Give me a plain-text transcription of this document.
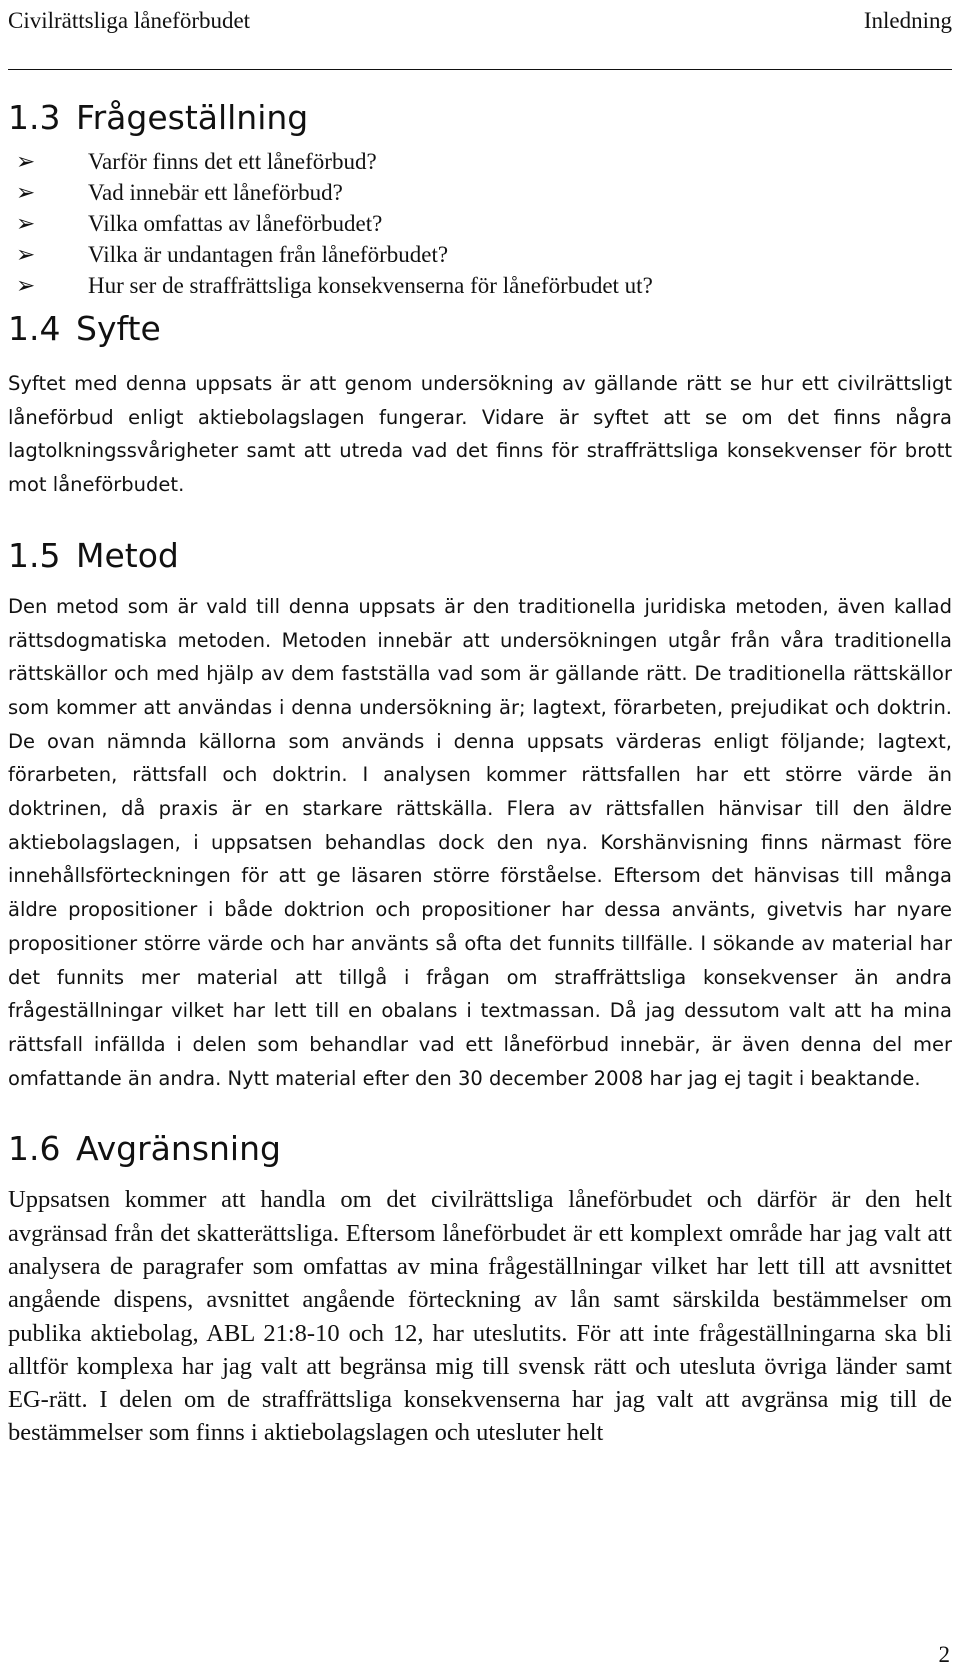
Civilrättsliga låneförbudet	Inledning
1.3 Frågeställning
➢	Varför finns det ett låneförbud?
➢	Vad innebär ett låneförbud?
➢	Vilka omfattas av låneförbudet?
➢	Vilka är undantagen från låneförbudet?
➢	Hur ser de straffrättsliga konsekvenserna för låneförbudet ut?
1.4 Syfte

Syftet med denna uppsats är att genom undersökning av gällande rätt se hur ett civilrättsligt låneförbud enligt aktiebolagslagen fungerar. Vidare är syftet att se om det finns några lagtolkningssvårigheter samt att utreda vad det finns för straffrättsliga konsekvenser för brott mot låneförbudet.

1.5 Metod

Den metod som är vald till denna uppsats är den traditionella juridiska metoden, även kallad rättsdogmatiska metoden. Metoden innebär att undersökningen utgår från våra traditionella rättskällor och med hjälp av dem fastställa vad som är gällande rätt. De traditionella rättskällor som kommer att användas i denna undersökning är; lagtext, förarbeten, prejudikat och doktrin. De ovan nämnda källorna som används i denna uppsats värderas enligt följande; lagtext, förarbeten, rättsfall och doktrin. I analysen kommer rättsfallen har ett större värde än doktrinen, då praxis är en starkare rättskälla. Flera av rättsfallen hänvisar till den äldre aktiebolagslagen, i uppsatsen behandlas dock den nya. Korshänvisning finns närmast före innehållsförteckningen för att ge läsaren större förståelse. Eftersom det hänvisas till många äldre propositioner i både doktrion och propositioner har dessa använts, givetvis har nyare propositioner större värde och har använts så ofta det funnits tillfälle. I sökande av material har det funnits mer material att tillgå i frågan om straffrättsliga konsekvenser än andra frågeställningar vilket har lett till en obalans i textmassan. Då jag dessutom valt att ha mina rättsfall infällda i delen som behandlar vad ett låneförbud innebär, är även denna del mer omfattande än andra. Nytt material efter den 30 december 2008 har jag ej tagit i beaktande.

1.6 Avgränsning

Uppsatsen kommer att handla om det civilrättsliga låneförbudet och därför är den helt avgränsad från det skatterättsliga. Eftersom låneförbudet är ett komplext område har jag valt att analysera de paragrafer som omfattas av mina frågeställningar vilket har lett till att avsnittet angående dispens, avsnittet angående förteckning av lån samt särskilda bestämmelser om publika aktiebolag, ABL 21:8-10 och 12, har uteslutits. För att inte frågeställningarna ska bli alltför komplexa har jag valt att begränsa mig till svensk rätt och utesluta övriga länder samt EG-rätt. I delen om de straffrättsliga konsekvenserna har jag valt att avgränsa mig till de bestämmelser som finns i aktiebolagslagen och utesluter helt

2
